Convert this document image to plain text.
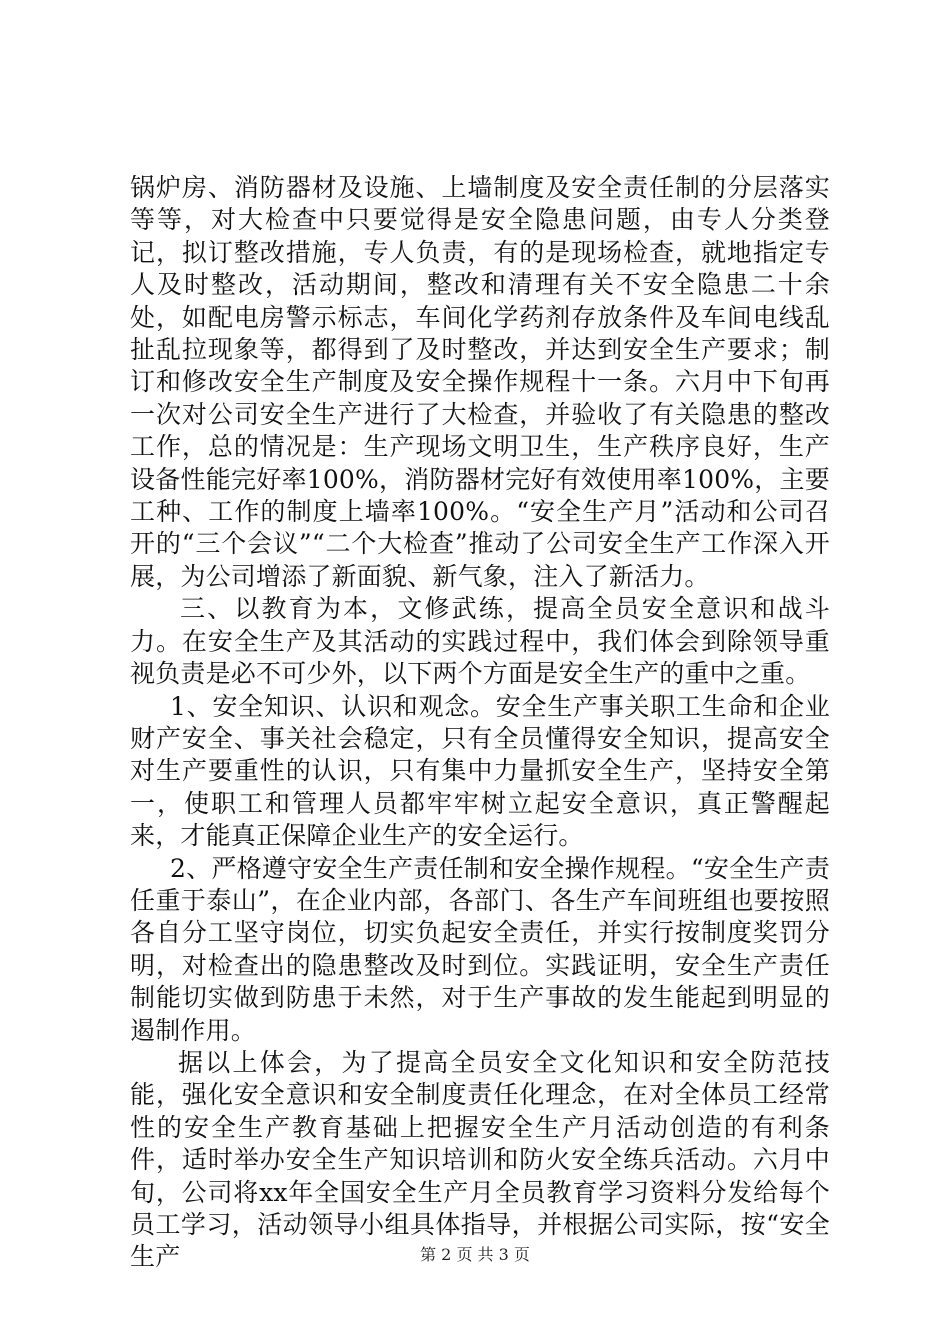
锅炉房、消防器材及设施、上墙制度及安全责任制的分层落实等等，对大检查中只要觉得是安全隐患问题，由专人分类登记，拟订整改措施，专人负责，有的是现场检查，就地指定专人及时整改，活动期间，整改和清理有关不安全隐患二十余处，如配电房警示标志，车间化学药剂存放条件及车间电线乱扯乱拉现象等，都得到了及时整改，并达到安全生产要求；制订和修改安全生产制度及安全操作规程十一条。六月中下旬再一次对公司安全生产进行了大检查，并验收了有关隐患的整改工作，总的情况是：生产现场文明卫生，生产秩序良好，生产设备性能完好率100%，消防器材完好有效使用率100%，主要工种、工作的制度上墙率100%。“安全生产月”活动和公司召开的“三个会议”“二个大检查”推动了公司安全生产工作深入开展，为公司增添了新面貌、新气象，注入了新活力。

三、以教育为本，文修武练，提高全员安全意识和战斗力。在安全生产及其活动的实践过程中，我们体会到除领导重视负责是必不可少外，以下两个方面是安全生产的重中之重。

1、安全知识、认识和观念。安全生产事关职工生命和企业财产安全、事关社会稳定，只有全员懂得安全知识，提高安全对生产要重性的认识，只有集中力量抓安全生产，坚持安全第一，使职工和管理人员都牢牢树立起安全意识，真正警醒起来，才能真正保障企业生产的安全运行。

2、严格遵守安全生产责任制和安全操作规程。“安全生产责任重于泰山”，在企业内部，各部门、各生产车间班组也要按照各自分工坚守岗位，切实负起安全责任，并实行按制度奖罚分明，对检查出的隐患整改及时到位。实践证明，安全生产责任制能切实做到防患于未然，对于生产事故的发生能起到明显的遏制作用。

据以上体会，为了提高全员安全文化知识和安全防范技能，强化安全意识和安全制度责任化理念，在对全体员工经常性的安全生产教育基础上把握安全生产月活动创造的有利条件，适时举办安全生产知识培训和防火安全练兵活动。六月中旬，公司将xx年全国安全生产月全员教育学习资料分发给每个员工学习，活动领导小组具体指导，并根据公司实际，按“安全生产	第 2 页 共 3 页
